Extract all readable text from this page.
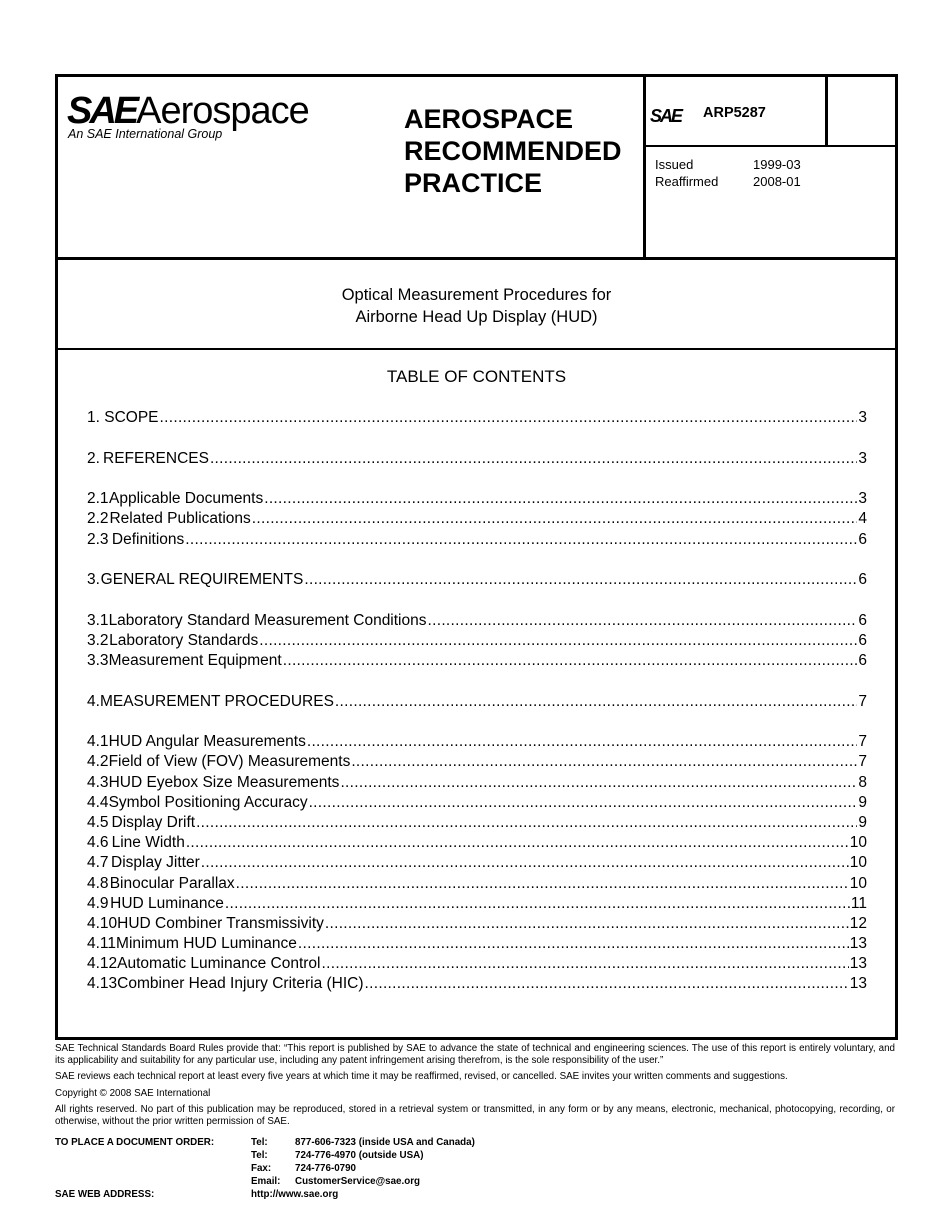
SAEAerospace
An SAE International Group	AEROSPACE
RECOMMENDED
PRACTICE
SAE ARP5287
Issued	1999-03
Reaffirmed	2008-01
Optical Measurement Procedures for
Airborne Head Up Display (HUD)
TABLE OF CONTENTS
1. SCOPE .....	3
2. REFERENCES .....	3
2.1 Applicable Documents .....	3
2.2 Related Publications .....	4
2.3 Definitions .....	6
3. GENERAL REQUIREMENTS .....	6
3.1 Laboratory Standard Measurement Conditions .....	6
3.2 Laboratory Standards .....	6
3.3 Measurement Equipment .....	6
4. MEASUREMENT PROCEDURES .....	7
4.1 HUD Angular Measurements .....	7
4.2 Field of View (FOV) Measurements .....	7
4.3 HUD Eyebox Size Measurements .....	8
4.4 Symbol Positioning Accuracy .....	9
4.5 Display Drift .....	9
4.6 Line Width .....	10
4.7 Display Jitter .....	10
4.8 Binocular Parallax .....	10
4.9 HUD Luminance .....	11
4.10 HUD Combiner Transmissivity .....	12
4.11 Minimum HUD Luminance .....	13
4.12 Automatic Luminance Control .....	13
4.13 Combiner Head Injury Criteria (HIC) .....	13

SAE Technical Standards Board Rules provide that: “This report is published by SAE to advance the state of technical and engineering sciences. The use of this report is entirely voluntary, and its applicability and suitability for any particular use, including any patent infringement arising therefrom, is the sole responsibility of the user.”

SAE reviews each technical report at least every five years at which time it may be reaffirmed, revised, or cancelled. SAE invites your written comments and suggestions.

Copyright © 2008 SAE International

All rights reserved. No part of this publication may be reproduced, stored in a retrieval system or transmitted, in any form or by any means, electronic, mechanical, photocopying, recording, or otherwise, without the prior written permission of SAE.

TO PLACE A DOCUMENT ORDER:	Tel:	877-606-7323 (inside USA and Canada)
Tel:	724-776-4970 (outside USA)
Fax: 724-776-0790
Email: CustomerService@sae.org
SAE WEB ADDRESS:	http://www.sae.org
